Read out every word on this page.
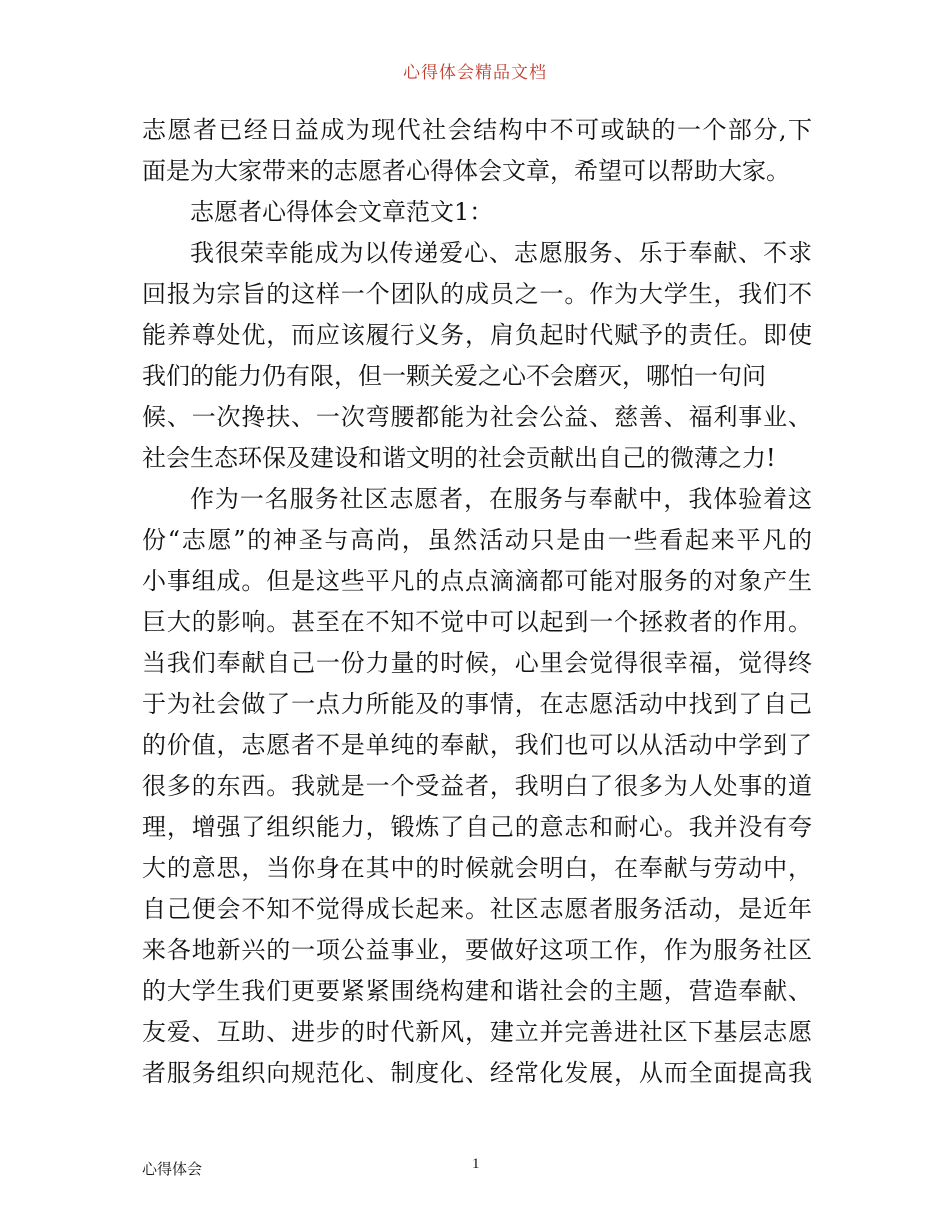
心得体会精品文档
志愿者已经日益成为现代社会结构中不可或缺的一个部分,下
面是为大家带来的志愿者心得体会文章，希望可以帮助大家。
志愿者心得体会文章范文1：
我很荣幸能成为以传递爱心、志愿服务、乐于奉献、不求
回报为宗旨的这样一个团队的成员之一。作为大学生，我们不
能养尊处优，而应该履行义务，肩负起时代赋予的责任。即使
我们的能力仍有限，但一颗关爱之心不会磨灭，哪怕一句问
候、一次搀扶、一次弯腰都能为社会公益、慈善、福利事业、
社会生态环保及建设和谐文明的社会贡献出自己的微薄之力!
作为一名服务社区志愿者，在服务与奉献中，我体验着这
份“志愿”的神圣与高尚，虽然活动只是由一些看起来平凡的
小事组成。但是这些平凡的点点滴滴都可能对服务的对象产生
巨大的影响。甚至在不知不觉中可以起到一个拯救者的作用。
当我们奉献自己一份力量的时候，心里会觉得很幸福，觉得终
于为社会做了一点力所能及的事情，在志愿活动中找到了自己
的价值，志愿者不是单纯的奉献，我们也可以从活动中学到了
很多的东西。我就是一个受益者，我明白了很多为人处事的道
理，增强了组织能力，锻炼了自己的意志和耐心。我并没有夸
大的意思，当你身在其中的时候就会明白，在奉献与劳动中，
自己便会不知不觉得成长起来。社区志愿者服务活动，是近年
来各地新兴的一项公益事业，要做好这项工作，作为服务社区
的大学生我们更要紧紧围绕构建和谐社会的主题，营造奉献、
友爱、互助、进步的时代新风，建立并完善进社区下基层志愿
者服务组织向规范化、制度化、经常化发展，从而全面提高我
心得体会	1
